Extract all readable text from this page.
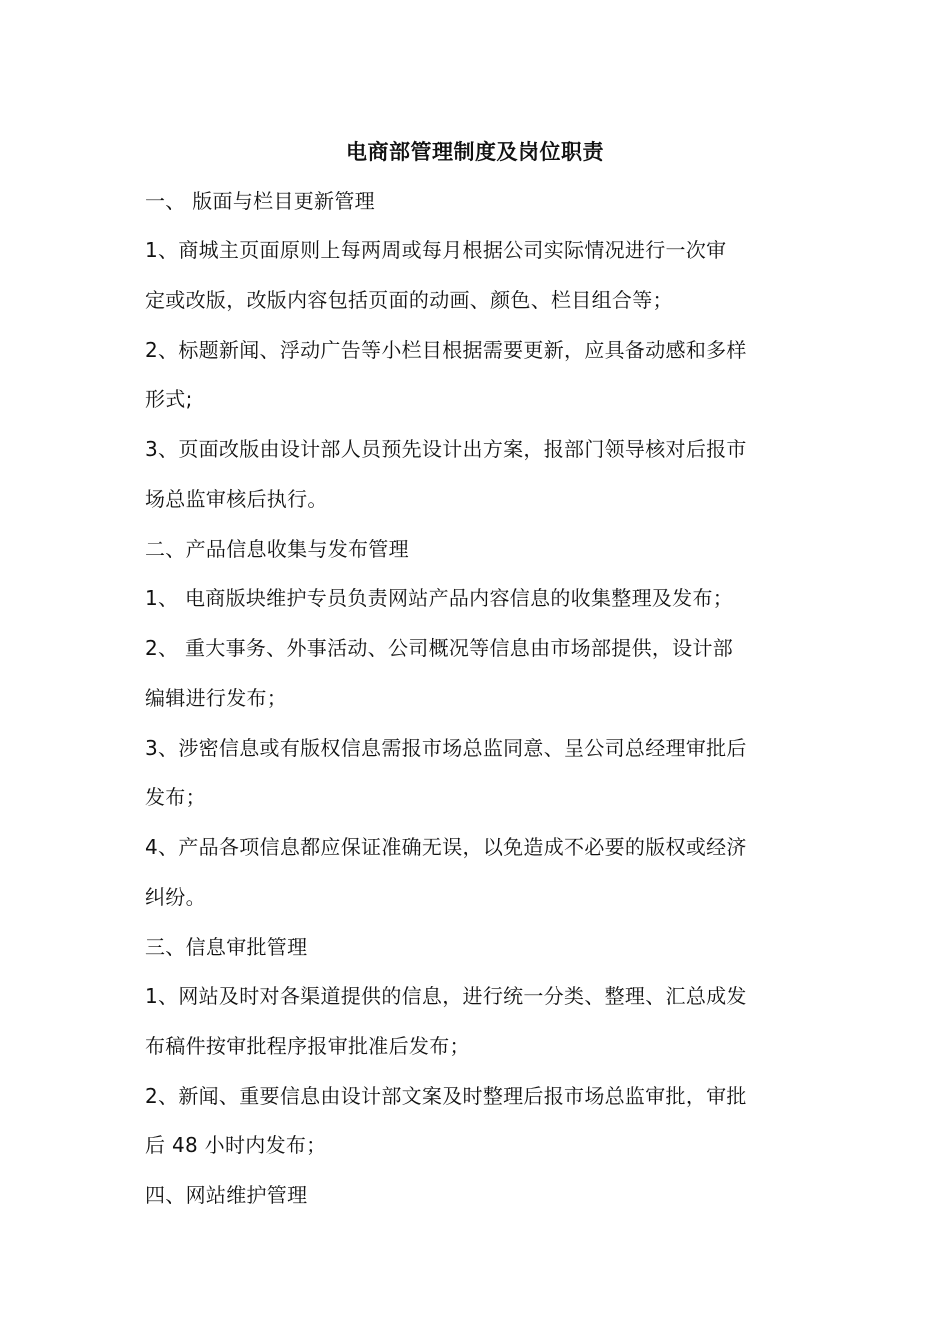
电商部管理制度及岗位职责
一、 版面与栏目更新管理
1、商城主页面原则上每两周或每月根据公司实际情况进行一次审
定或改版，改版内容包括页面的动画、颜色、栏目组合等；
2、标题新闻、浮动广告等小栏目根据需要更新，应具备动感和多样
形式;
3、页面改版由设计部人员预先设计出方案，报部门领导核对后报市
场总监审核后执行。
二、产品信息收集与发布管理
1、 电商版块维护专员负责网站产品内容信息的收集整理及发布；
2、 重大事务、外事活动、公司概况等信息由市场部提供，设计部
编辑进行发布；
3、涉密信息或有版权信息需报市场总监同意、呈公司总经理审批后
发布；
4、产品各项信息都应保证准确无误，以免造成不必要的版权或经济
纠纷。
三、信息审批管理
1、网站及时对各渠道提供的信息，进行统一分类、整理、汇总成发
布稿件按审批程序报审批准后发布；
2、新闻、重要信息由设计部文案及时整理后报市场总监审批，审批
后 48 小时内发布；
四、网站维护管理
